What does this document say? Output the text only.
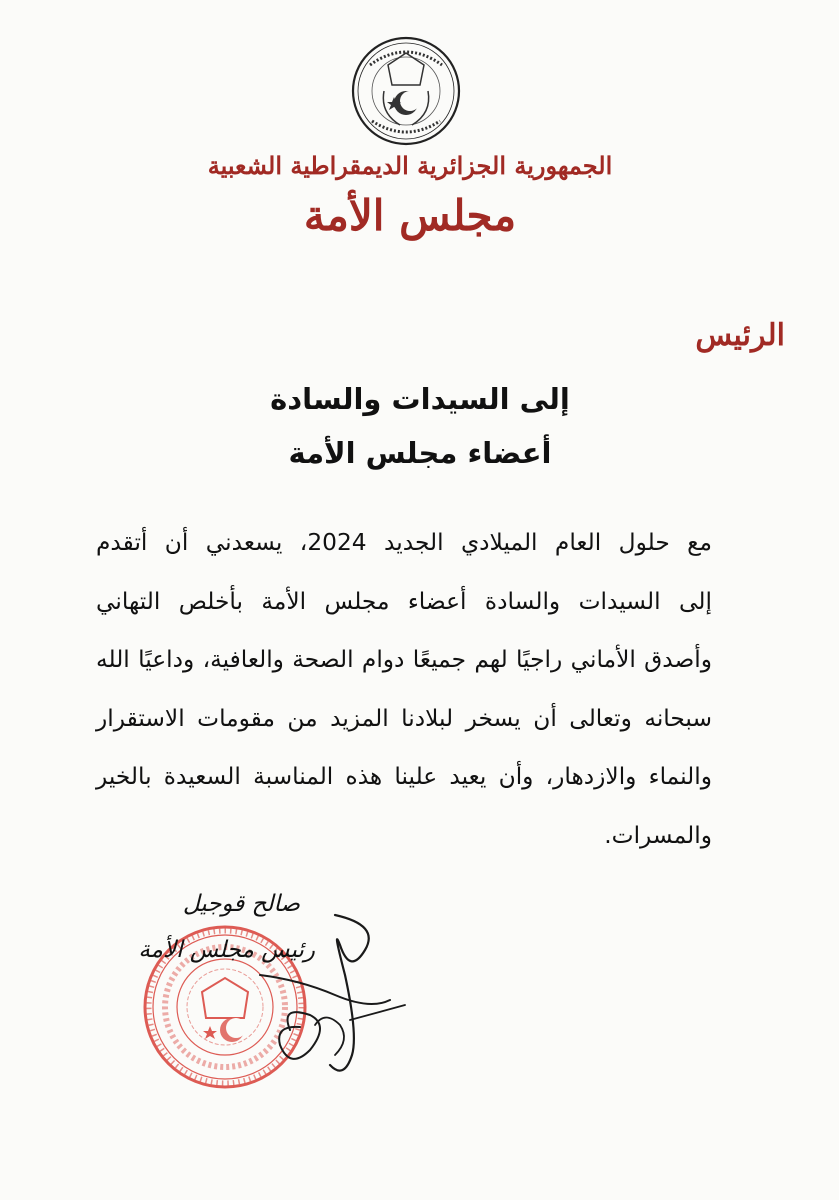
الجمهورية الجزائرية الديمقراطية الشعبية
مجلس الأمة
الرئيس
إلى السيدات والسادة
أعضاء مجلس الأمة
مع حلول العام الميلادي الجديد 2024، يسعدني أن أتقدم
إلى السيدات والسادة أعضاء مجلس الأمة بأخلص التهاني
وأصدق الأماني راجيًا لهم جميعًا دوام الصحة والعافية، وداعيًا الله
سبحانه وتعالى أن يسخر لبلادنا المزيد من مقومات الاستقرار
والنماء والازدهار، وأن يعيد علينا هذه المناسبة السعيدة بالخير
والمسرات.
صالح قوجيل
رئيس مجلس الأمة
